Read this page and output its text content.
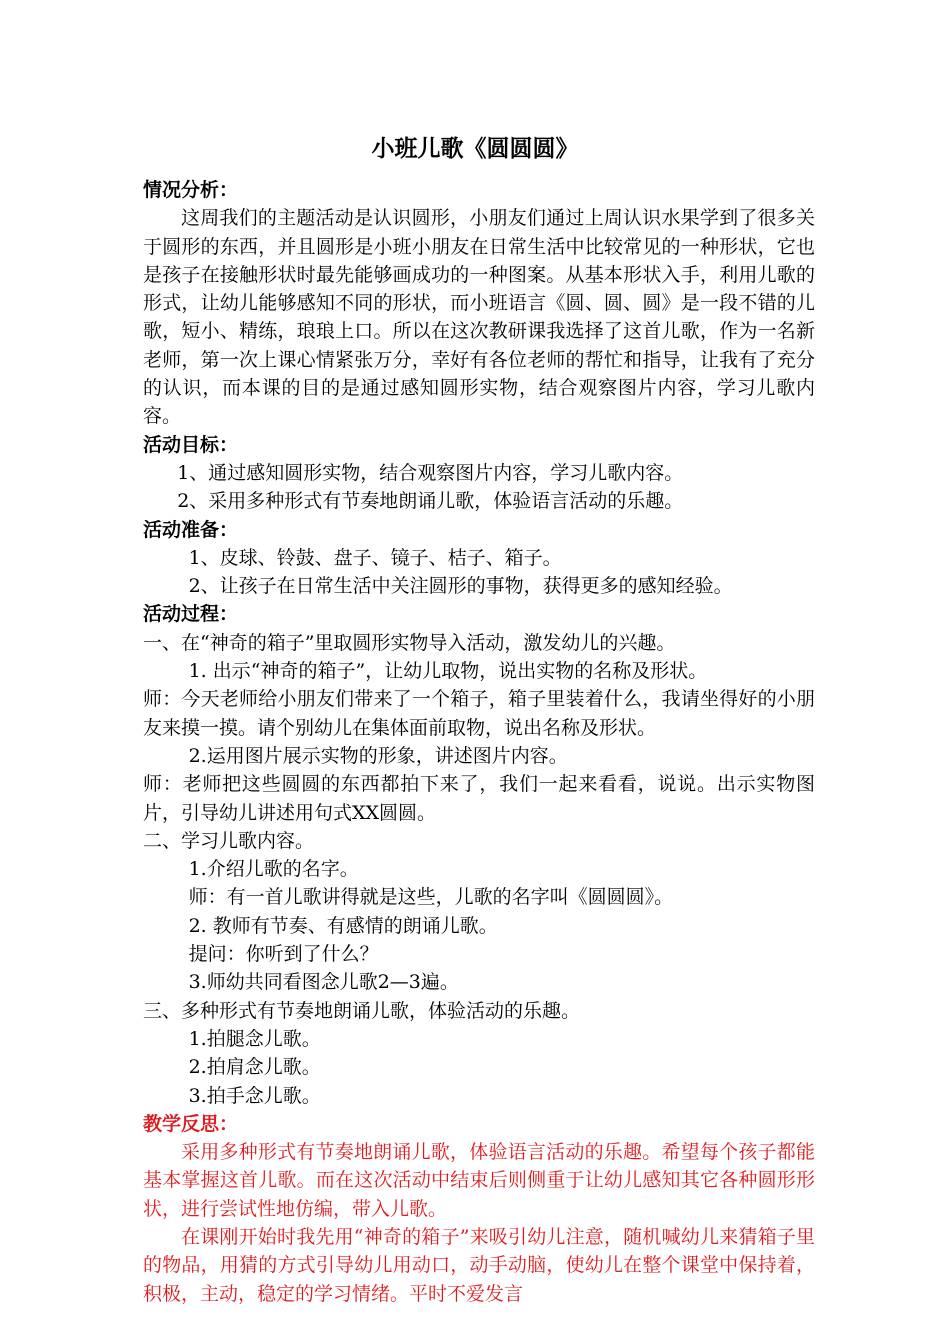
小班儿歌《圆圆圆》

情况分析：

这周我们的主题活动是认识圆形，小朋友们通过上周认识水果学到了很多关于圆形的东西，并且圆形是小班小朋友在日常生活中比较常见的一种形状，它也是孩子在接触形状时最先能够画成功的一种图案。从基本形状入手，利用儿歌的形式，让幼儿能够感知不同的形状，而小班语言《圆、圆、圆》是一段不错的儿歌，短小、精练，琅琅上口。所以在这次教研课我选择了这首儿歌，作为一名新老师，第一次上课心情紧张万分，幸好有各位老师的帮忙和指导，让我有了充分的认识，而本课的目的是通过感知圆形实物，结合观察图片内容，学习儿歌内容。

活动目标：

1、通过感知圆形实物，结合观察图片内容，学习儿歌内容。

2、采用多种形式有节奏地朗诵儿歌，体验语言活动的乐趣。

活动准备：

1、皮球、铃鼓、盘子、镜子、桔子、箱子。

2、让孩子在日常生活中关注圆形的事物，获得更多的感知经验。

活动过程：

一、在“神奇的箱子”里取圆形实物导入活动，激发幼儿的兴趣。

1. 出示“神奇的箱子”，让幼儿取物，说出实物的名称及形状。

师：今天老师给小朋友们带来了一个箱子，箱子里装着什么，我请坐得好的小朋友来摸一摸。请个别幼儿在集体面前取物，说出名称及形状。

2.运用图片展示实物的形象，讲述图片内容。

师：老师把这些圆圆的东西都拍下来了，我们一起来看看，说说。出示实物图片，引导幼儿讲述用句式XX圆圆。

二、学习儿歌内容。

1.介绍儿歌的名字。

师：有一首儿歌讲得就是这些，儿歌的名字叫《圆圆圆》。

2. 教师有节奏、有感情的朗诵儿歌。

提问：你听到了什么？

3.师幼共同看图念儿歌2—3遍。

三、多种形式有节奏地朗诵儿歌，体验活动的乐趣。

1.拍腿念儿歌。

2.拍肩念儿歌。

3.拍手念儿歌。

教学反思：

采用多种形式有节奏地朗诵儿歌，体验语言活动的乐趣。希望每个孩子都能基本掌握这首儿歌。而在这次活动中结束后则侧重于让幼儿感知其它各种圆形形状，进行尝试性地仿编，带入儿歌。

在课刚开始时我先用“神奇的箱子”来吸引幼儿注意，随机喊幼儿来猜箱子里的物品，用猜的方式引导幼儿用动口，动手动脑，使幼儿在整个课堂中保持着，积极，主动，稳定的学习情绪。平时不爱发言
